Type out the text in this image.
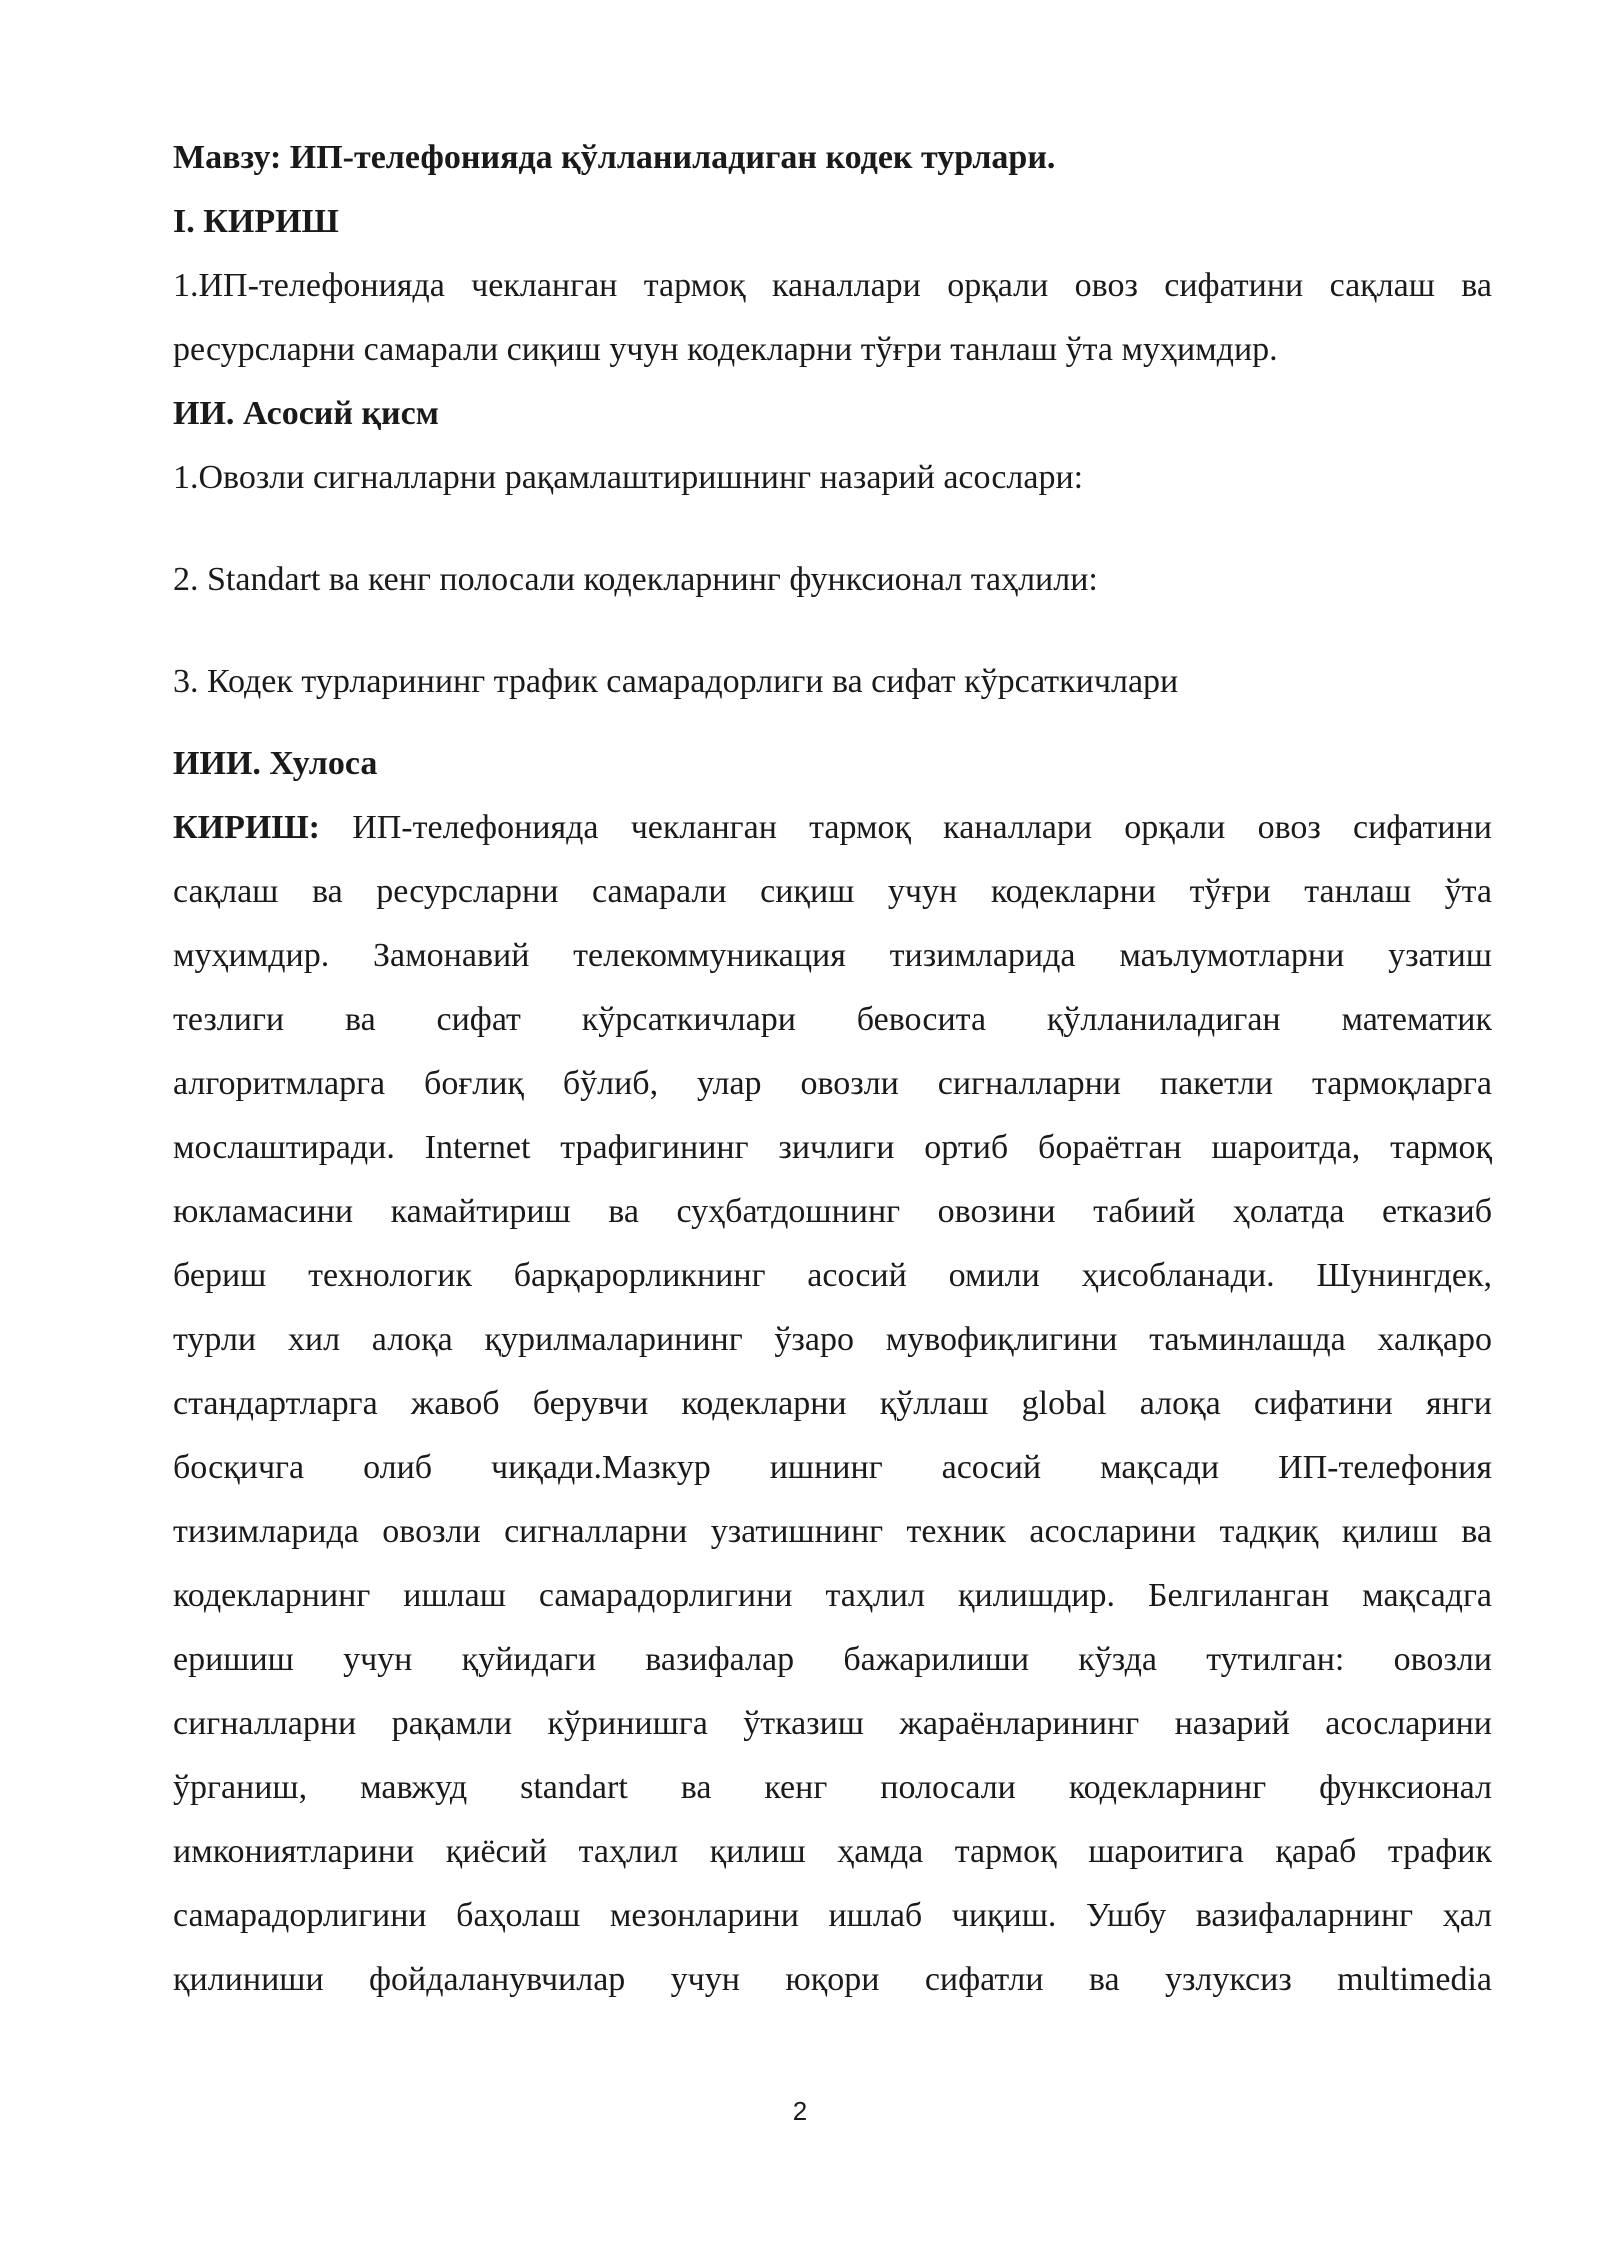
Мавзу: ИП-телефонияда қўлланиладиган кодек турлари.
I. КИРИШ
1.ИП-телефонияда чекланган тармоқ каналлари орқали овоз сифатини сақлаш ва
ресурсларни самарали сиқиш учун кодекларни тўғри танлаш ўта муҳимдир.
ИИ. Асосий қисм
1.Овозли сигналларни рақамлаштиришнинг назарий асослари:
2. Standart ва кенг полосали кодекларнинг функсионал таҳлили:
3. Кодек турларининг трафик самарадорлиги ва сифат кўрсаткичлари
ИИИ. Хулоса
КИРИШ: ИП-телефонияда чекланган тармоқ каналлари орқали овоз сифатини
сақлаш ва ресурсларни самарали сиқиш учун кодекларни тўғри танлаш ўта
муҳимдир. Замонавий телекоммуникация тизимларида маълумотларни узатиш
тезлиги ва сифат кўрсаткичлари бевосита қўлланиладиган математик
алгоритмларга боғлиқ бўлиб, улар овозли сигналларни пакетли тармоқларга
мослаштиради. Internet трафигининг зичлиги ортиб бораётган шароитда, тармоқ
юкламасини камайтириш ва суҳбатдошнинг овозини табиий ҳолатда етказиб
бериш технологик барқарорликнинг асосий омили ҳисобланади. Шунингдек,
турли хил алоқа қурилмаларининг ўзаро мувофиқлигини таъминлашда халқаро
стандартларга жавоб берувчи кодекларни қўллаш global алоқа сифатини янги
босқичга олиб чиқади.Мазкур ишнинг асосий мақсади ИП-телефония
тизимларида овозли сигналларни узатишнинг техник асосларини тадқиқ қилиш ва
кодекларнинг ишлаш самарадорлигини таҳлил қилишдир. Белгиланган мақсадга
еришиш учун қуйидаги вазифалар бажарилиши кўзда тутилган: овозли
сигналларни рақамли кўринишга ўтказиш жараёнларининг назарий асосларини
ўрганиш, мавжуд standart ва кенг полосали кодекларнинг функсионал
имкониятларини қиёсий таҳлил қилиш ҳамда тармоқ шароитига қараб трафик
самарадорлигини баҳолаш мезонларини ишлаб чиқиш. Ушбу вазифаларнинг ҳал
қилиниши фойдаланувчилар учун юқори сифатли ва узлуксиз multimedia
2
